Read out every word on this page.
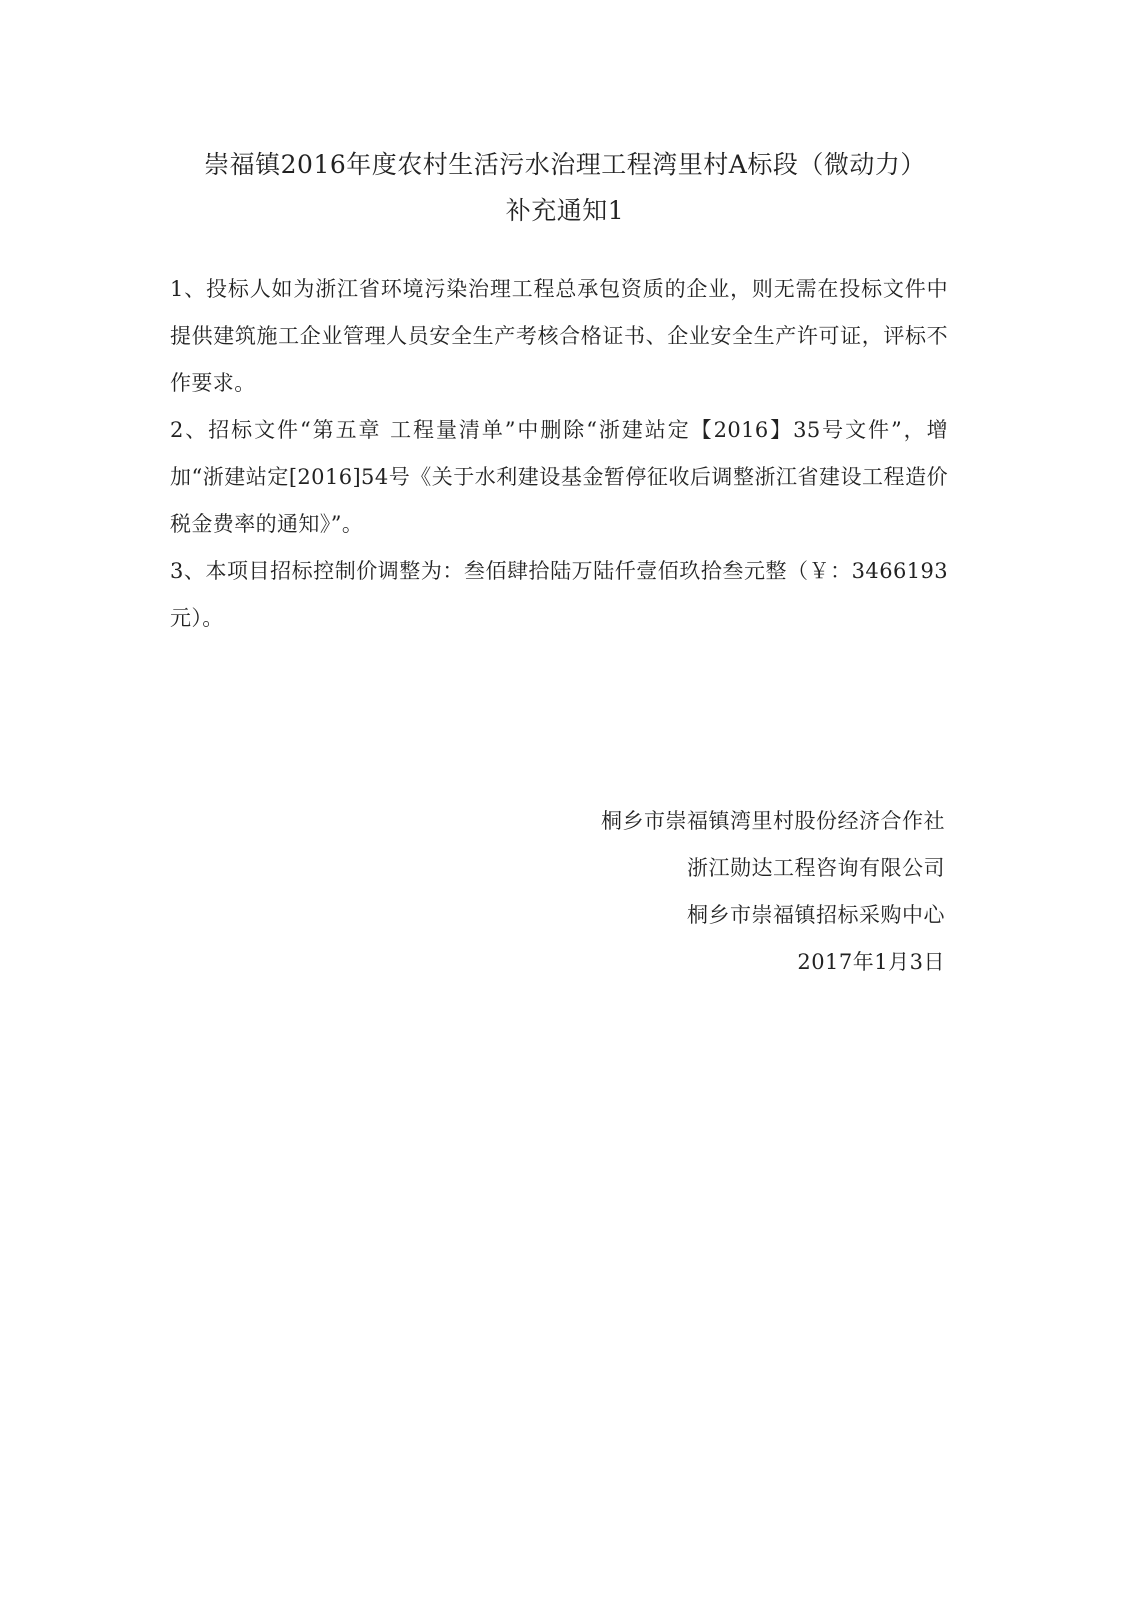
崇福镇2016年度农村生活污水治理工程湾里村A标段（微动力）
补充通知1

1、投标人如为浙江省环境污染治理工程总承包资质的企业，则无需在投标文件中提供建筑施工企业管理人员安全生产考核合格证书、企业安全生产许可证，评标不作要求。

2、招标文件“第五章 工程量清单”中删除“浙建站定【2016】35号文件”，增加“浙建站定[2016]54号《关于水利建设基金暂停征收后调整浙江省建设工程造价税金费率的通知》”。

3、本项目招标控制价调整为：叁佰肆拾陆万陆仟壹佰玖拾叁元整（￥：3466193元）。

桐乡市崇福镇湾里村股份经济合作社
浙江勋达工程咨询有限公司
桐乡市崇福镇招标采购中心
2017年1月3日
